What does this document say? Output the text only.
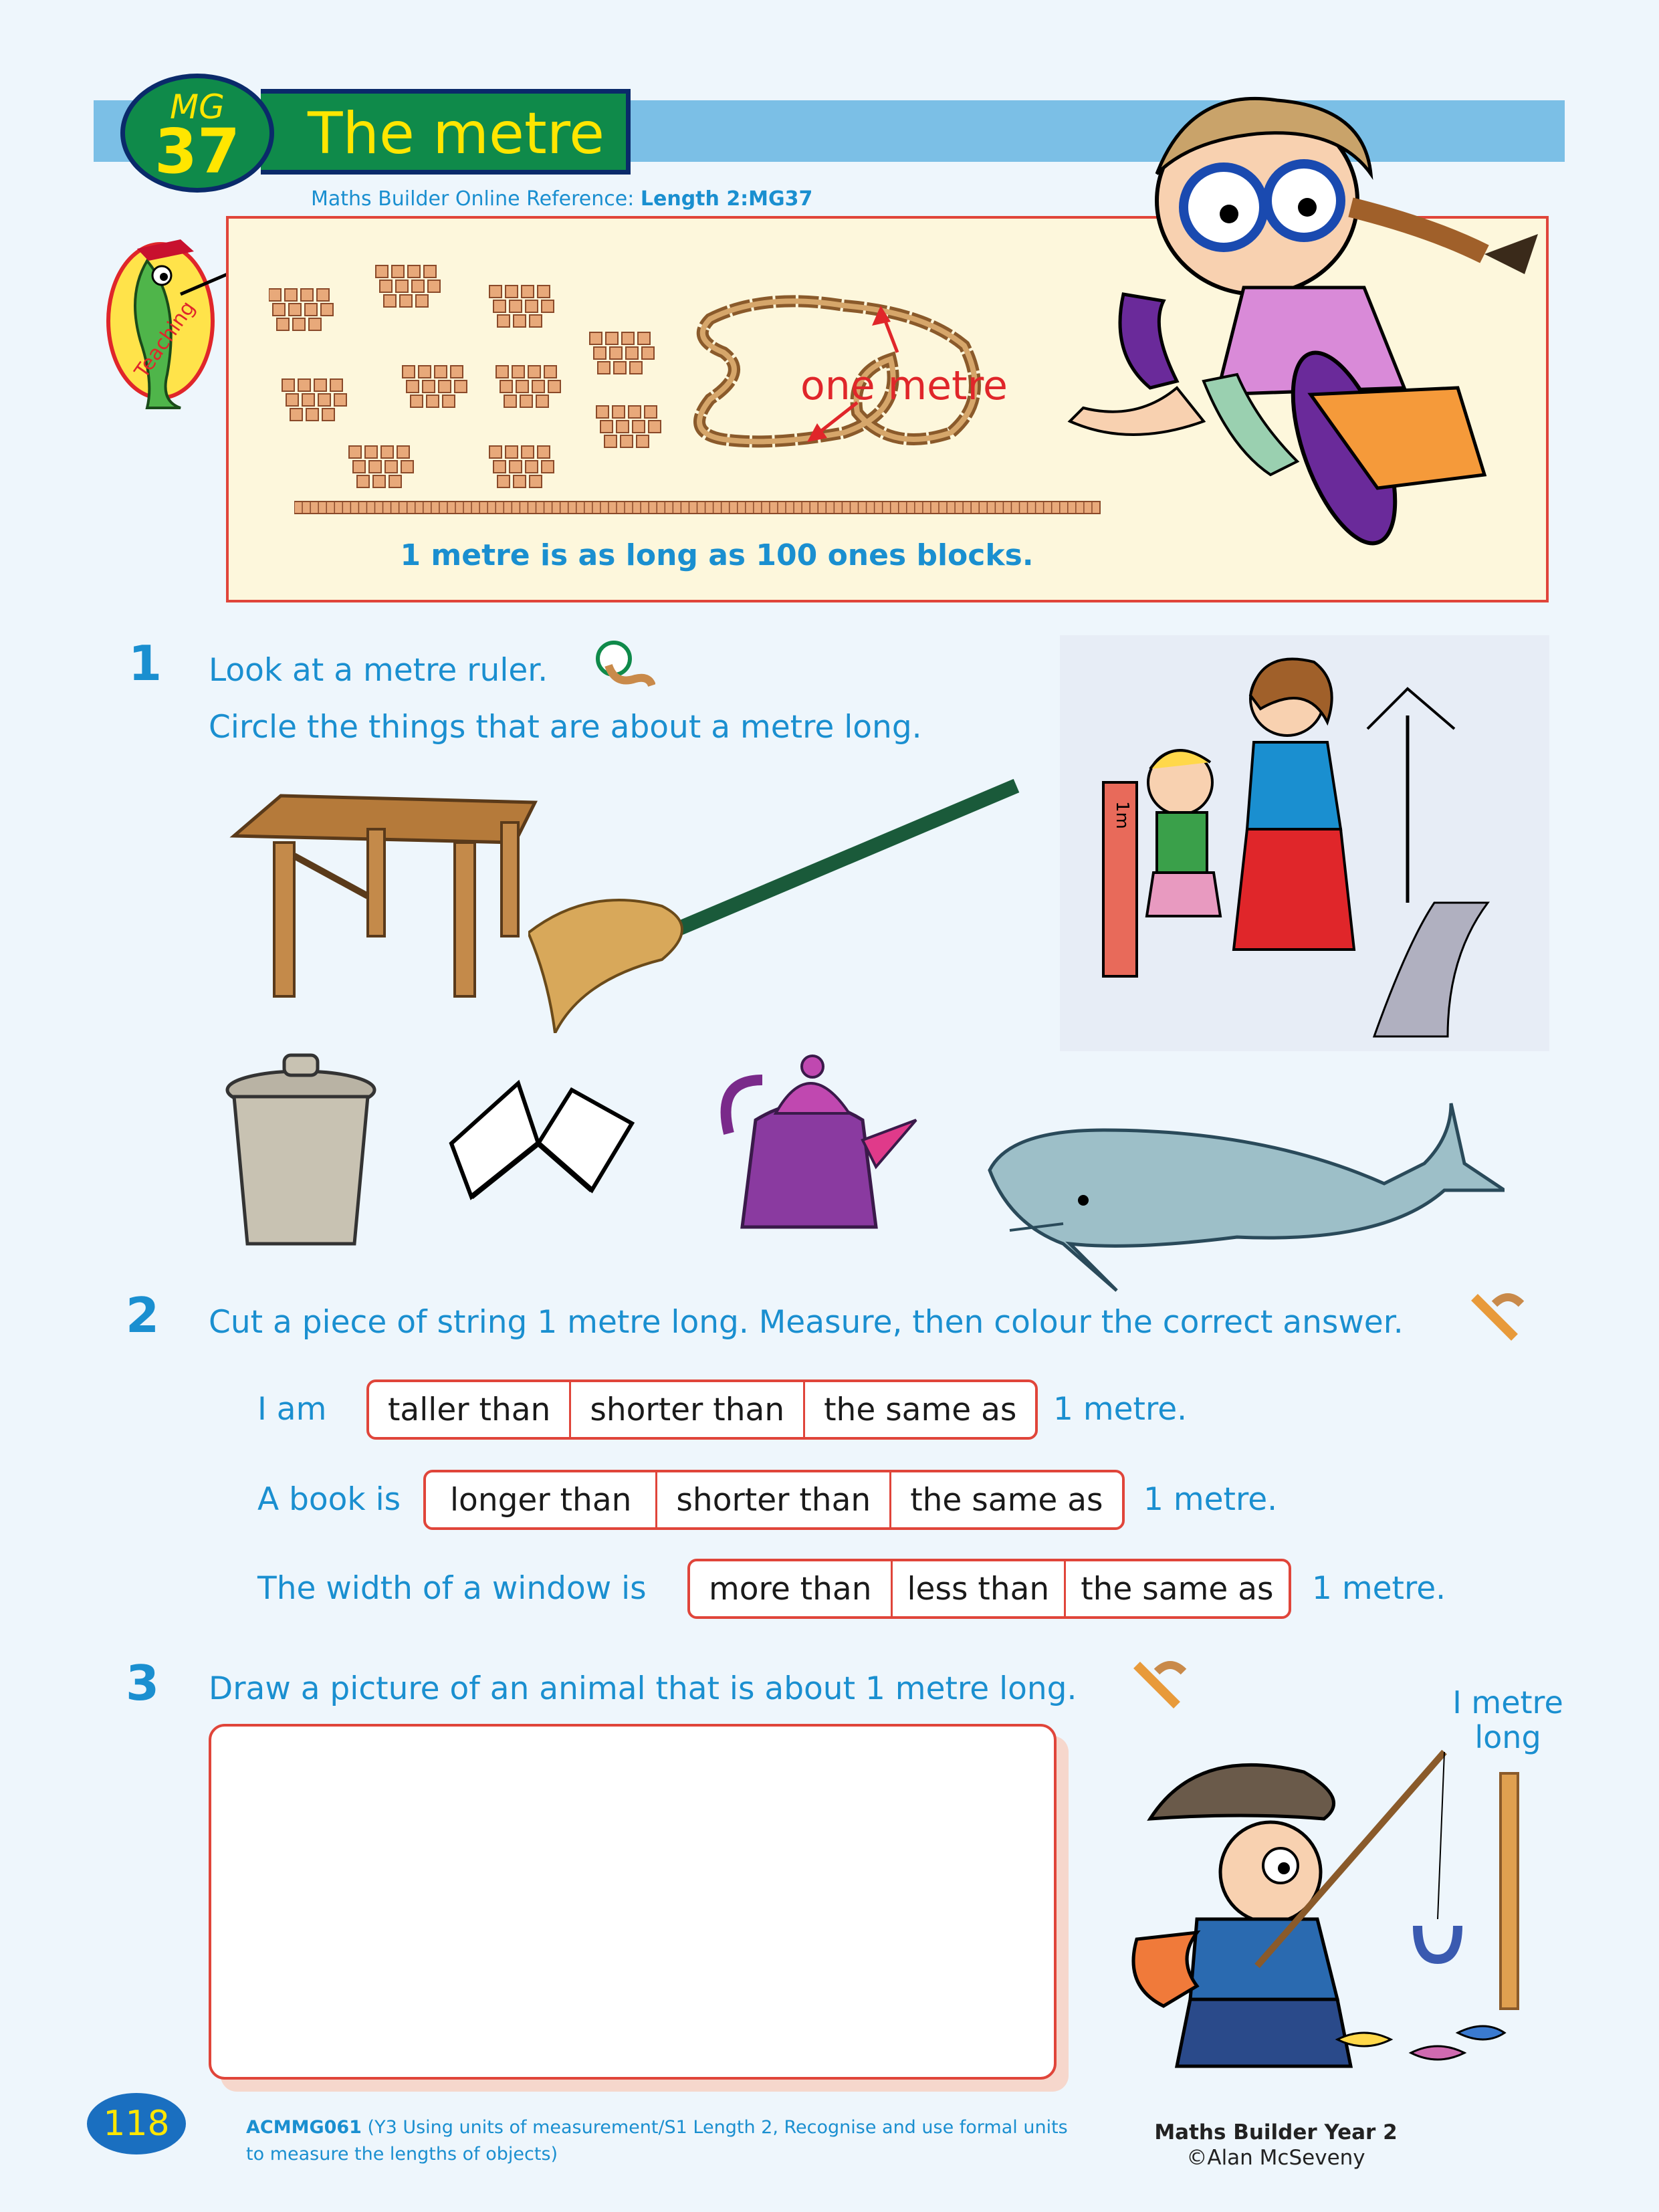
The metre
MG
37
Maths Builder Online Reference: Length 2:MG37
Teaching
one metre
1 metre is as long as 100 ones blocks.
1 Look at a metre ruler.
Circle the things that are about a metre long.
1m
2 Cut a piece of string 1 metre long. Measure, then colour the correct answer.
I am	taller than	shorter than	the same as	1 metre.
A book is	longer than	shorter than	the same as	1 metre.
The width of a window is	more than	less than	the same as	1 metre.
3 Draw a picture of an animal that is about 1 metre long.	I metre
long
118	ACMMG061 (Y3 Using units of measurement/S1 Length 2, Recognise and use formal units
to measure the lengths of objects)
Maths Builder Year 2
©Alan McSeveny
